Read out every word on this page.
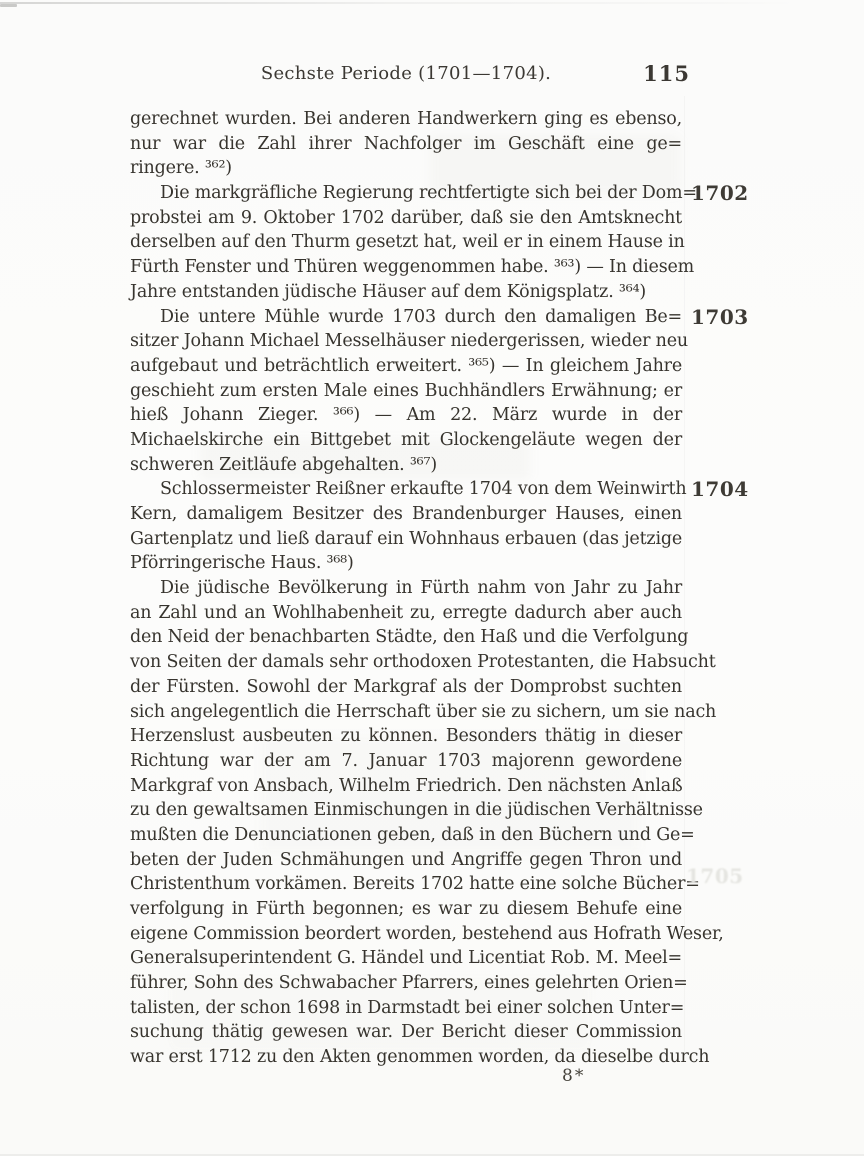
Sechste Periode (1701—1704).	115
gerechnet wurden. Bei anderen Handwerkern ging es ebenso,
nur war die Zahl ihrer Nachfolger im Geschäft eine ge=
ringere. ³⁶²)
1702
Die markgräfliche Regierung rechtfertigte sich bei der Dom=
probstei am 9. Oktober 1702 darüber, daß sie den Amtsknecht
derselben auf den Thurm gesetzt hat, weil er in einem Hause in
Fürth Fenster und Thüren weggenommen habe. ³⁶³) — In diesem
Jahre entstanden jüdische Häuser auf dem Königsplatz. ³⁶⁴)
1703
Die untere Mühle wurde 1703 durch den damaligen Be=
sitzer Johann Michael Messelhäuser niedergerissen, wieder neu
aufgebaut und beträchtlich erweitert. ³⁶⁵) — In gleichem Jahre
geschieht zum ersten Male eines Buchhändlers Erwähnung; er
hieß Johann Zieger. ³⁶⁶) — Am 22. März wurde in der
Michaelskirche ein Bittgebet mit Glockengeläute wegen der
schweren Zeitläufe abgehalten. ³⁶⁷)
1704
Schlossermeister Reißner erkaufte 1704 von dem Weinwirth
Kern, damaligem Besitzer des Brandenburger Hauses, einen
Gartenplatz und ließ darauf ein Wohnhaus erbauen (das jetzige
Pförringerische Haus. ³⁶⁸)
Die jüdische Bevölkerung in Fürth nahm von Jahr zu Jahr
an Zahl und an Wohlhabenheit zu, erregte dadurch aber auch
den Neid der benachbarten Städte, den Haß und die Verfolgung
von Seiten der damals sehr orthodoxen Protestanten, die Habsucht
der Fürsten. Sowohl der Markgraf als der Domprobst suchten
sich angelegentlich die Herrschaft über sie zu sichern, um sie nach
Herzenslust ausbeuten zu können. Besonders thätig in dieser
Richtung war der am 7. Januar 1703 majorenn gewordene
Markgraf von Ansbach, Wilhelm Friedrich. Den nächsten Anlaß
zu den gewaltsamen Einmischungen in die jüdischen Verhältnisse
mußten die Denunciationen geben, daß in den Büchern und Ge=
beten der Juden Schmähungen und Angriffe gegen Thron und
Christenthum vorkämen. Bereits 1702 hatte eine solche Bücher=
verfolgung in Fürth begonnen; es war zu diesem Behufe eine
eigene Commission beordert worden, bestehend aus Hofrath Weser,
Generalsuperintendent G. Händel und Licentiat Rob. M. Meel=
führer, Sohn des Schwabacher Pfarrers, eines gelehrten Orien=
talisten, der schon 1698 in Darmstadt bei einer solchen Unter=
suchung thätig gewesen war. Der Bericht dieser Commission
war erst 1712 zu den Akten genommen worden, da dieselbe durch
1705
8*
